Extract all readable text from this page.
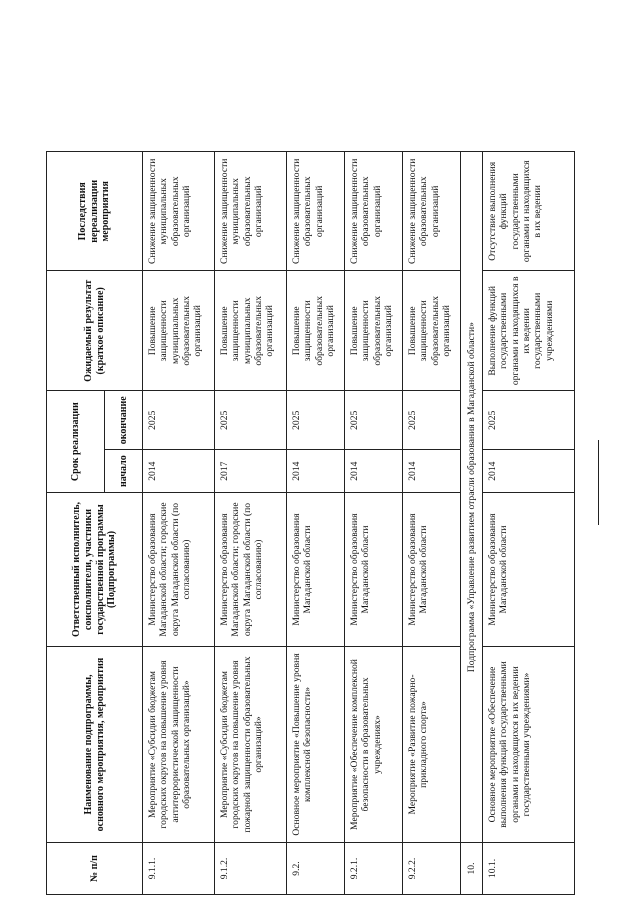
№ п/п	Наименование подпрограммы, основного мероприятия, мероприятия	Ответственный исполнитель, соисполнители, участники государственной программы (Подпрограммы)	Срок реализации		Ожидаемый результат (краткое описание)	Последствия нереализации мероприятия
			начало	окончание		
9.1.1.	Мероприятие «Субсидии бюджетам городских округов на повышение уровня антитеррористической защищенности образовательных организаций»	Министерство образования Магаданской области; городские округа Магаданской области (по согласованию)	2014	2025	Повышение защищенности муниципальных образовательных организаций	Снижение защищенности муниципальных образовательных организаций
9.1.2.	Мероприятие «Субсидии бюджетам городских округов на повышение уровня пожарной защищенности образовательных организаций»	Министерство образования Магаданской области; городские округа Магаданской области (по согласованию)	2017	2025	Повышение защищенности муниципальных образовательных организаций	Снижение защищенности муниципальных образовательных организаций
9.2.	Основное мероприятие «Повышение уровня комплексной безопасности»	Министерство образования Магаданской области	2014	2025	Повышение защищенности образовательных организаций	Снижение защищенности образовательных организаций
9.2.1.	Мероприятие «Обеспечение комплексной безопасности в образовательных учреждениях»	Министерство образования Магаданской области	2014	2025	Повышение защищенности образовательных организаций	Снижение защищенности образовательных организаций
9.2.2.	Мероприятие «Развитие пожарно-прикладного спорта»	Министерство образования Магаданской области	2014	2025	Повышение защищенности образовательных организаций	Снижение защищенности образовательных организаций
10.	Подпрограмма «Управление развитием отрасли образования в Магаданской области»					
10.1.	Основное мероприятие «Обеспечение выполнения функций государственными органами и находящихся в их ведении государственными учреждениями»	Министерство образования Магаданской области	2014	2025	Выполнение функций государственными органами и находящихся в их ведении государственными учреждениями	Отсутствие выполнения функций государственными органами и находящихся в их ведении
